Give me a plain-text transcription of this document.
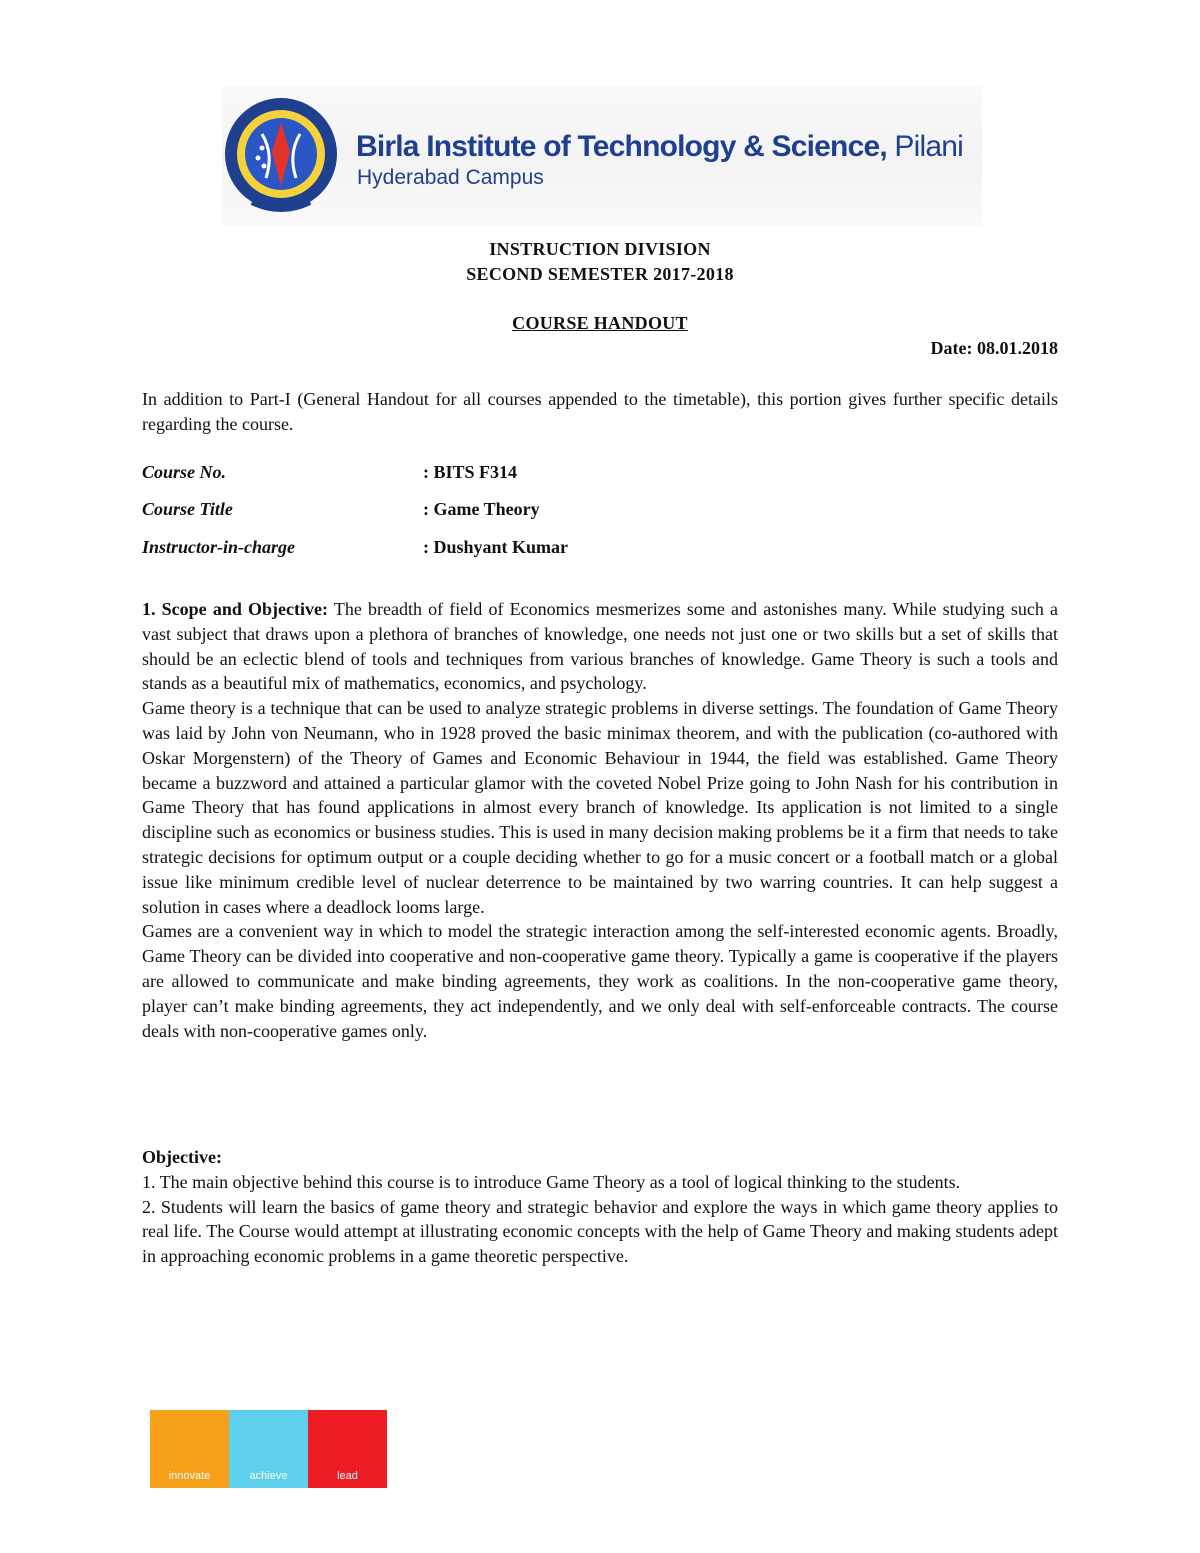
Birla Institute of Technology & Science, Pilani
Hyderabad Campus
INSTRUCTION DIVISION
SECOND SEMESTER 2017-2018
COURSE HANDOUT
Date: 08.01.2018
In addition to Part-I (General Handout for all courses appended to the timetable), this portion gives further specific details regarding the course.
Course No.	: BITS F314
Course Title	: Game Theory
Instructor-in-charge	: Dushyant Kumar

1. Scope and Objective: The breadth of field of Economics mesmerizes some and astonishes many. While studying such a vast subject that draws upon a plethora of branches of knowledge, one needs not just one or two skills but a set of skills that should be an eclectic blend of tools and techniques from various branches of knowledge. Game Theory is such a tools and stands as a beautiful mix of mathematics, economics, and psychology.

Game theory is a technique that can be used to analyze strategic problems in diverse settings. The foundation of Game Theory was laid by John von Neumann, who in 1928 proved the basic minimax theorem, and with the publication (co-authored with Oskar Morgenstern) of the Theory of Games and Economic Behaviour in 1944, the field was established. Game Theory became a buzzword and attained a particular glamor with the coveted Nobel Prize going to John Nash for his contribution in Game Theory that has found applications in almost every branch of knowledge. Its application is not limited to a single discipline such as economics or business studies. This is used in many decision making problems be it a firm that needs to take strategic decisions for optimum output or a couple deciding whether to go for a music concert or a football match or a global issue like minimum credible level of nuclear deterrence to be maintained by two warring countries. It can help suggest a solution in cases where a deadlock looms large.

Games are a convenient way in which to model the strategic interaction among the self-interested economic agents. Broadly, Game Theory can be divided into cooperative and non-cooperative game theory. Typically a game is cooperative if the players are allowed to communicate and make binding agreements, they work as coalitions. In the non-cooperative game theory, player can’t make binding agreements, they act independently, and we only deal with self-enforceable contracts. The course deals with non-cooperative games only.

Objective:

1. The main objective behind this course is to introduce Game Theory as a tool of logical thinking to the students.

2. Students will learn the basics of game theory and strategic behavior and explore the ways in which game theory applies to real life. The Course would attempt at illustrating economic concepts with the help of Game Theory and making students adept in approaching economic problems in a game theoretic perspective.

innovate	achieve	lead
